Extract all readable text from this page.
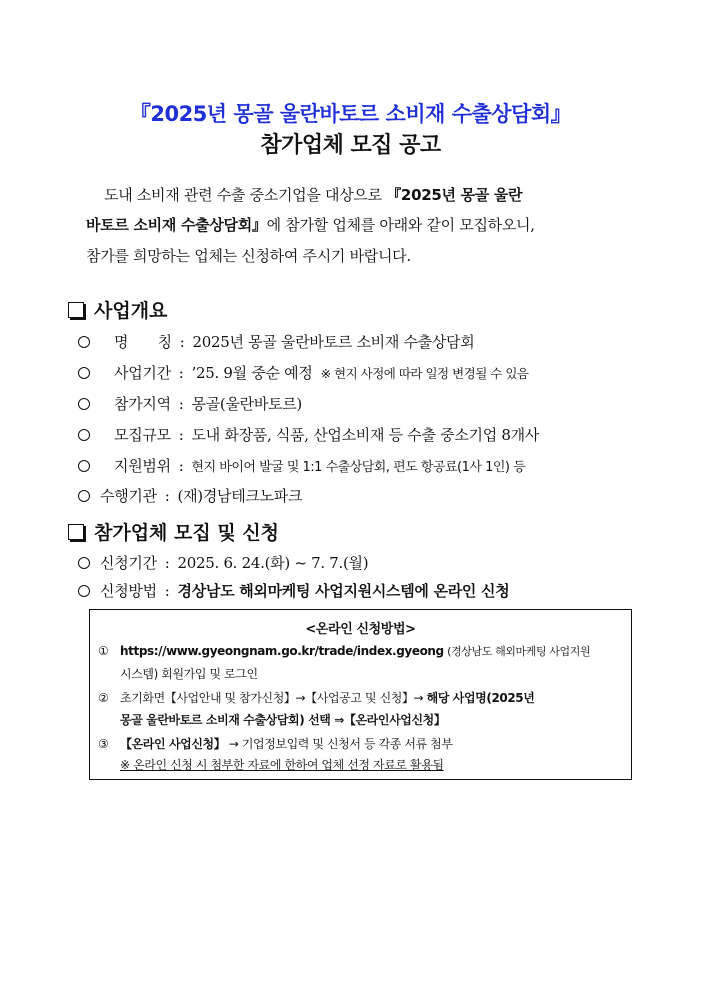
『2025년 몽골 울란바토르 소비재 수출상담회』
참가업체 모집 공고
도내 소비재 관련 수출 중소기업을 대상으로 『2025년 몽골 울란
바토르 소비재 수출상담회』에 참가할 업체를 아래와 같이 모집하오니,
참가를 희망하는 업체는 신청하여 주시기 바랍니다.
사업개요
명　　칭 : 2025년 몽골 울란바토르 소비재 수출상담회
사업기간 : ’25. 9월 중순 예정 ※ 현지 사정에 따라 일정 변경될 수 있음
참가지역 : 몽골(울란바토르)
모집규모 : 도내 화장품, 식품, 산업소비재 등 수출 중소기업 8개사
지원범위 : 현지 바이어 발굴 및 1:1 수출상담회, 편도 항공료(1사 1인) 등
수행기관 : (재)경남테크노파크
참가업체 모집 및 신청
신청기간 : 2025. 6. 24.(화) ~ 7. 7.(월)
신청방법 : 경상남도 해외마케팅 사업지원시스템에 온라인 신청
<온라인 신청방법>
① https://www.gyeongnam.go.kr/trade/index.gyeong (경상남도 해외마케팅 사업지원
시스템) 회원가입 및 로그인
② 초기화면【사업안내 및 참가신청】→【사업공고 및 신청】→ 해당 사업명(2025년
몽골 울란바토르 소비재 수출상담회) 선택 ⇒【온라인사업신청】
③ 【온라인 사업신청】 → 기업정보입력 및 신청서 등 각종 서류 첨부
※ 온라인 신청 시 첨부한 자료에 한하여 업체 선정 자료로 활용됨
